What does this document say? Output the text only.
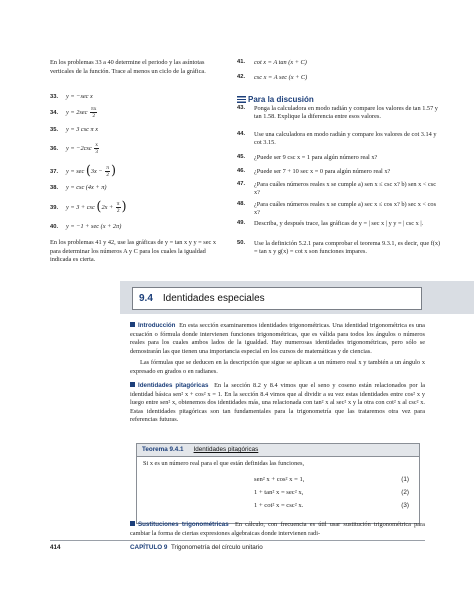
En los problemas 33 a 40 determine el periodo y las asíntotas verticales de la función. Trace al menos un ciclo de la gráfica.
33. y = −sec x
34. $y = 2\sec \frac{\pi x}{2}$
35. y = 3 csc π x
36. $y = -2\csc \frac{x}{3}$
37. $y = \sec (3x - \frac{\pi}{2}$ )
38. y = csc (4x + π)
39. $y = 3 + \csc (2x + \frac{\pi}{2}$ )
40. y = −1 + sec (x + 2π)
En los problemas 41 y 42, use las gráficas de y = tan x y y = sec x para determinar los números A y C para los cuales la igualdad indicada es cierta.
41. cot x = A tan (x + C)
42. csc x = A sec (x + C)
Para la discusión
43. Ponga la calculadora en modo radián y compare los valores de tan 1.57 y tan 1.58. Explique la diferencia entre esos valores.
44. Use una calculadora en modo radián y compare los valores de cot 3.14 y cot 3.15.
45. ¿Puede ser 9 csc x = 1 para algún número real x?
46. ¿Puede ser 7 + 10 sec x = 0 para algún número real x?
47. ¿Para cuáles números reales x se cumple a) sen x ≤ csc x? b) sen x < csc x?
48. ¿Para cuáles números reales x se cumple a) sec x ≤ cos x? b) sec x < cos x?
49. Describa, y después trace, las gráficas de y = | sec x | y y = | csc x |.
50. Use la definición 5.2.1 para comprobar el teorema 9.3.1, es decir, que f(x) = tan x y g(x) = cot x son funciones impares.
9.4 Identidades especiales
Introducción En esta sección examinaremos identidades trigonométricas. Una identidad trigonométrica es una ecuación o fórmula donde intervienen funciones trigonométricas, que es válida para todos los ángulos o números reales para los cuales ambos lados de la igualdad. Hay numerosas identidades trigonométricas, pero sólo se demostrarán las que tienen una importancia especial en los cursos de matemáticas y de ciencias.
Las fórmulas que se deducen en la descripción que sigue se aplican a un número real x y también a un ángulo x expresado en grados o en radianes.
Identidades pitagóricas En la sección 8.2 y 8.4 vimos que el seno y coseno están relacionados por la identidad básica sen² x + cos² x = 1. En la sección 8.4 vimos que al dividir a su vez estas identidades entre cos² x y luego entre sen² x, obtenemos dos identidades más, una relacionada con tan² x al sec² x y la otra con cot² x al csc² x. Estas identidades pitagóricas son tan fundamentales para la trigonometría que las trataremos otra vez para referencias futuras.
Teorema 9.4.1 Identidades pitagóricas
Si x es un número real para el que están definidas las funciones,
sen² x + cos² x = 1,	(1)
1 + tan² x = sec² x,	(2)
1 + cot² x = csc² x.	(3)
Sustituciones trigonométricas En cálculo, con frecuencia es útil usar sustitución trigonométrica para cambiar la forma de ciertas expresiones algebraicas donde intervienen radi-
414	CAPÍTULO 9 Trigonometría del círculo unitario
